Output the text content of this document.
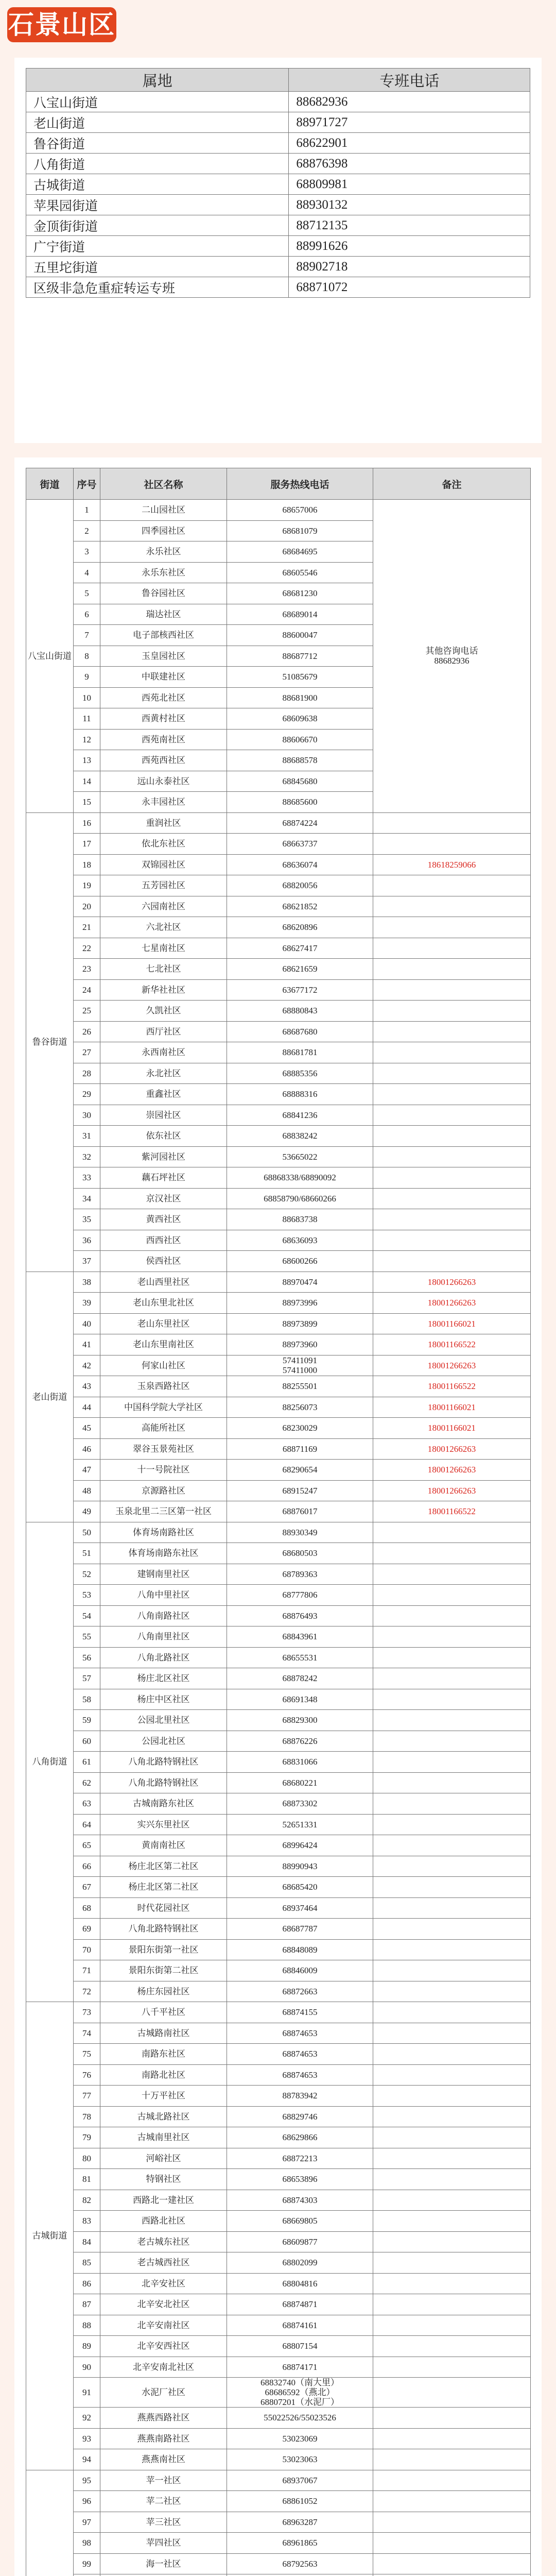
石景山区
属地	专班电话
八宝山街道	88682936
老山街道	88971727
鲁谷街道	68622901
八角街道	68876398
古城街道	68809981
苹果园街道	88930132
金顶街街道	88712135
广宁街道	88991626
五里坨街道	88902718
区级非急危重症转运专班	68871072
街道	序号	社区名称	服务热线电话	备注
八宝山街道	1	二山园社区	68657006	其他咨询电话
88682936
	2	四季园社区	68681079	
	3	永乐社区	68684695	
	4	永乐东社区	68605546	
	5	鲁谷园社区	68681230	
	6	瑞达社区	68689014	
	7	电子部核西社区	88600047	
	8	玉皇园社区	88687712	
	9	中联建社区	51085679	
	10	西苑北社区	88681900	
	11	西黄村社区	68609638	
	12	西苑南社区	88606670	
	13	西苑西社区	88688578	
	14	远山永泰社区	68845680	
	15	永丰园社区	88685600	
鲁谷街道	16	重润社区	68874224	
	17	依北东社区	68663737	
	18	双锦园社区	68636074	18618259066
	19	五芳园社区	68820056	
	20	六园南社区	68621852	
	21	六北社区	68620896	
	22	七星南社区	68627417	
	23	七北社区	68621659	
	24	新华社社区	63677172	
	25	久凯社区	68880843	
	26	西厅社区	68687680	
	27	永西南社区	88681781	
	28	永北社区	68885356	
	29	重鑫社区	68888316	
	30	崇园社区	68841236	
	31	依东社区	68838242	
	32	紫河园社区	53665022	
	33	藕石坪社区	68868338/68890092	
	34	京汉社区	68858790/68660266	
	35	黄西社区	88683738	
	36	西西社区	68636093	
	37	侯西社区	68600266	
老山街道	38	老山西里社区	88970474	18001266263
	39	老山东里北社区	88973996	18001266263
	40	老山东里社区	88973899	18001166021
	41	老山东里南社区	88973960	18001166522
	42	何家山社区	57411091
57411000	18001266263
	43	玉泉西路社区	88255501	18001166522
	44	中国科学院大学社区	88256073	18001166021
	45	高能所社区	68230029	18001166021
	46	翠谷玉景苑社区	68871169	18001266263
	47	十一号院社区	68290654	18001266263
	48	京源路社区	68915247	18001266263
	49	玉泉北里二三区第一社区	68876017	18001166522
八角街道	50	体育场南路社区	88930349	
	51	体育场南路东社区	68680503	
	52	建钢南里社区	68789363	
	53	八角中里社区	68777806	
	54	八角南路社区	68876493	
	55	八角南里社区	68843961	
	56	八角北路社区	68655531	
	57	杨庄北区社区	68878242	
	58	杨庄中区社区	68691348	
	59	公园北里社区	68829300	
	60	公园北社区	68876226	
	61	八角北路特钢社区	68831066	
	62	八角北路特钢社区	68680221	
	63	古城南路东社区	68873302	
	64	实兴东里社区	52651331	
	65	黄南南社区	68996424	
	66	杨庄北区第二社区	88990943	
	67	杨庄北区第二社区	68685420	
	68	时代花园社区	68937464	
	69	八角北路特钢社区	68687787	
	70	景阳东街第一社区	68848089	
	71	景阳东街第二社区	68846009	
	72	杨庄东园社区	68872663	
古城街道	73	八千平社区	68874155	
	74	古城路南社区	68874653	
	75	南路东社区	68874653	
	76	南路北社区	68874653	
	77	十万平社区	88783942	
	78	古城北路社区	68829746	
	79	古城南里社区	68629866	
	80	河峪社区	68872213	
	81	特钢社区	68653896	
	82	西路北一建社区	68874303	
	83	西路北社区	68669805	
	84	老古城东社区	68609877	
	85	老古城西社区	68802099	
	86	北辛安社区	68804816	
	87	北辛安北社区	68874871	
	88	北辛安南社区	68874161	
	89	北辛安西社区	68807154	
	90	北辛安南北社区	68874171	
	91	水泥厂社区	68832740（南大里）
68686592（燕北）
68807201（水泥厂）	
	92	燕燕西路社区	55022526/55023526	
	93	燕燕南路社区	53023069	
	94	燕燕南社区	53023063	
	95	苹一社区	68937067	
	96	苹二社区	68861052	
	97	苹三社区	68963287	
	98	苹四社区	68961865	
	99	海一社区	68792563	
